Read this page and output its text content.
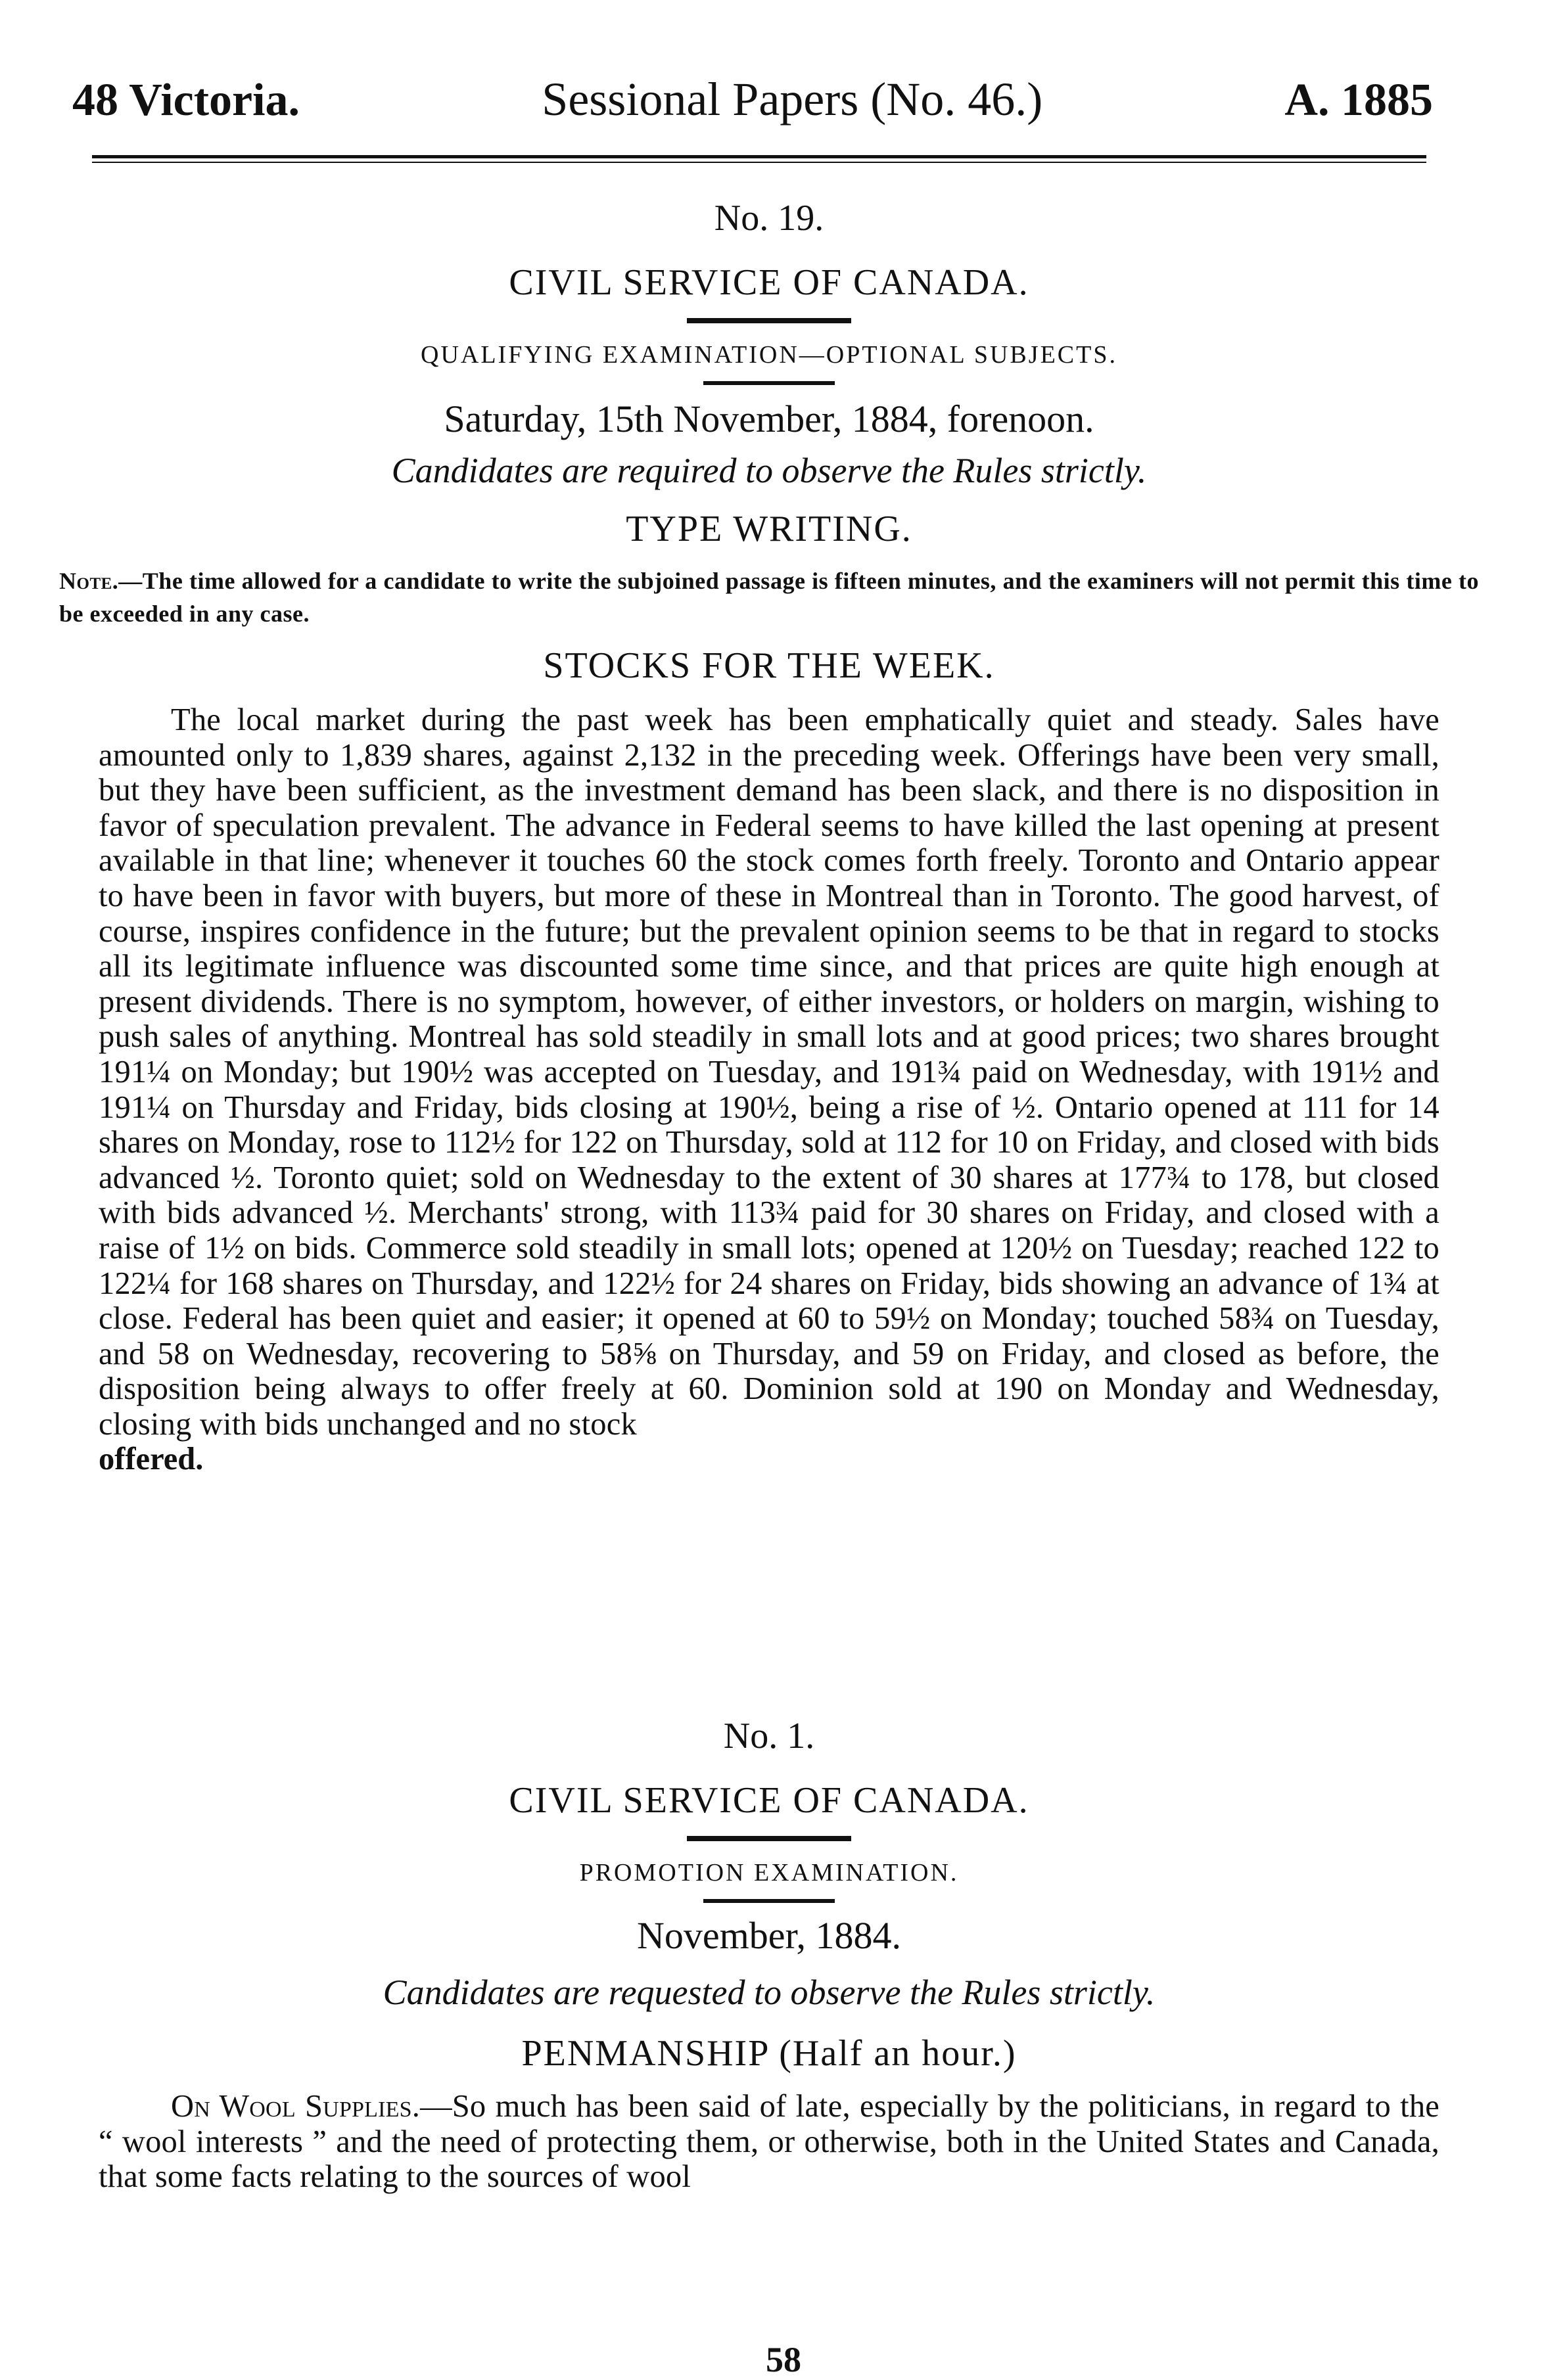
48 Victoria.	Sessional Papers (No. 46.)	A. 1885
No. 19.
CIVIL SERVICE OF CANADA.
QUALIFYING EXAMINATION—OPTIONAL SUBJECTS.
Saturday, 15th November, 1884, forenoon.
Candidates are required to observe the Rules strictly.
TYPE WRITING.
Note.—The time allowed for a candidate to write the subjoined passage is fifteen minutes, and the examiners will not permit this time to be exceeded in any case.
STOCKS FOR THE WEEK.
The local market during the past week has been emphatically quiet and steady. Sales have amounted only to 1,839 shares, against 2,132 in the preceding week. Offerings have been very small, but they have been sufficient, as the investment demand has been slack, and there is no disposition in favor of speculation prevalent. The advance in Federal seems to have killed the last opening at present available in that line; whenever it touches 60 the stock comes forth freely. Toronto and Ontario appear to have been in favor with buyers, but more of these in Montreal than in Toronto. The good harvest, of course, inspires confidence in the future; but the prevalent opinion seems to be that in regard to stocks all its legitimate influence was discounted some time since, and that prices are quite high enough at present dividends. There is no symptom, however, of either investors, or holders on margin, wishing to push sales of anything. Montreal has sold steadily in small lots and at good prices; two shares brought 191¼ on Monday; but 190½ was accepted on Tuesday, and 191¾ paid on Wednesday, with 191½ and 191¼ on Thursday and Friday, bids closing at 190½, being a rise of ½. Ontario opened at 111 for 14 shares on Monday, rose to 112½ for 122 on Thursday, sold at 112 for 10 on Friday, and closed with bids advanced ½. Toronto quiet; sold on Wednesday to the extent of 30 shares at 177¾ to 178, but closed with bids advanced ½. Merchants' strong, with 113¾ paid for 30 shares on Friday, and closed with a raise of 1½ on bids. Commerce sold steadily in small lots; opened at 120½ on Tuesday; reached 122 to 122¼ for 168 shares on Thursday, and 122½ for 24 shares on Friday, bids showing an advance of 1¾ at close. Federal has been quiet and easier; it opened at 60 to 59½ on Monday; touched 58¾ on Tuesday, and 58 on Wednesday, recovering to 58⅝ on Thursday, and 59 on Friday, and closed as before, the disposition being always to offer freely at 60. Dominion sold at 190 on Monday and Wednesday, closing with bids unchanged and no stock
offered.
No. 1.
CIVIL SERVICE OF CANADA.
PROMOTION EXAMINATION.
November, 1884.
Candidates are requested to observe the Rules strictly.
PENMANSHIP (Half an hour.)
On Wool Supplies.—So much has been said of late, especially by the politicians, in regard to the “ wool interests ” and the need of protecting them, or otherwise, both in the United States and Canada, that some facts relating to the sources of wool
58
